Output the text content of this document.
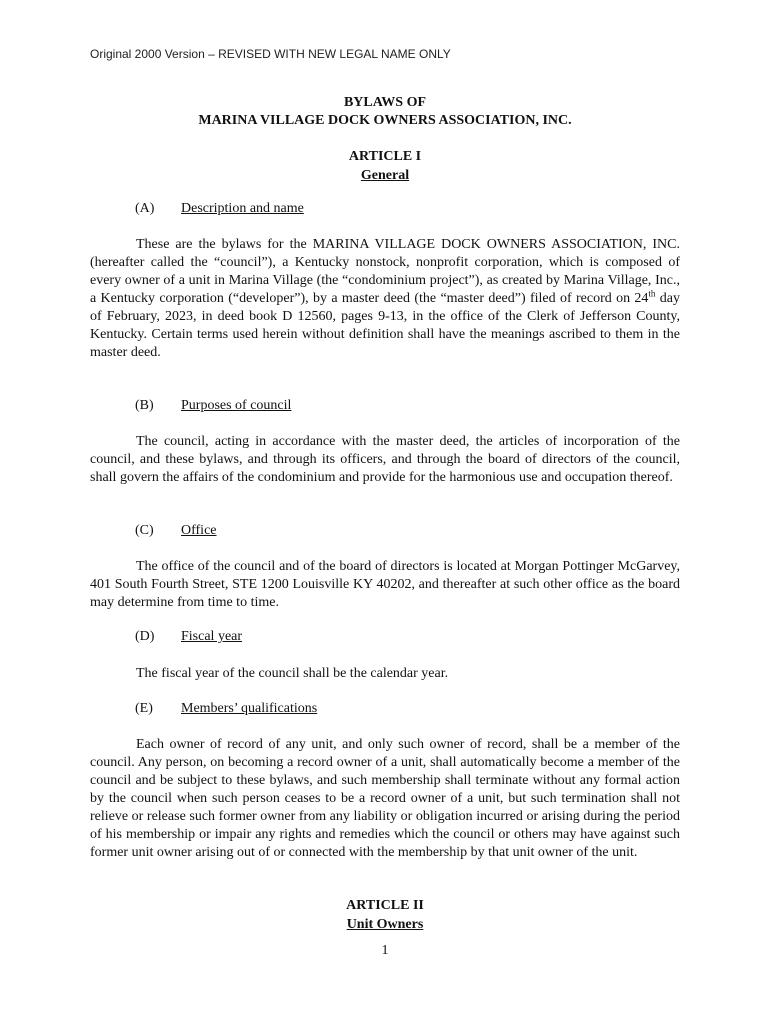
Original 2000 Version – REVISED WITH NEW LEGAL NAME ONLY
BYLAWS OF
MARINA VILLAGE DOCK OWNERS ASSOCIATION, INC.
ARTICLE I
General
(A) Description and name
These are the bylaws for the MARINA VILLAGE DOCK OWNERS ASSOCIATION, INC. (hereafter called the “council”), a Kentucky nonstock, nonprofit corporation, which is composed of every owner of a unit in Marina Village (the “condominium project”), as created by Marina Village, Inc., a Kentucky corporation (“developer”), by a master deed (the “master deed”) filed of record on 24th day of February, 2023, in deed book D 12560, pages 9-13, in the office of the Clerk of Jefferson County, Kentucky. Certain terms used herein without definition shall have the meanings ascribed to them in the master deed.
(B) Purposes of council
The council, acting in accordance with the master deed, the articles of incorporation of the council, and these bylaws, and through its officers, and through the board of directors of the council, shall govern the affairs of the condominium and provide for the harmonious use and occupation thereof.
(C) Office
The office of the council and of the board of directors is located at Morgan Pottinger McGarvey, 401 South Fourth Street, STE 1200 Louisville KY 40202, and thereafter at such other office as the board may determine from time to time.
(D) Fiscal year
The fiscal year of the council shall be the calendar year.
(E) Members’ qualifications
Each owner of record of any unit, and only such owner of record, shall be a member of the council. Any person, on becoming a record owner of a unit, shall automatically become a member of the council and be subject to these bylaws, and such membership shall terminate without any formal action by the council when such person ceases to be a record owner of a unit, but such termination shall not relieve or release such former owner from any liability or obligation incurred or arising during the period of his membership or impair any rights and remedies which the council or others may have against such former unit owner arising out of or connected with the membership by that unit owner of the unit.
ARTICLE II
Unit Owners
1
